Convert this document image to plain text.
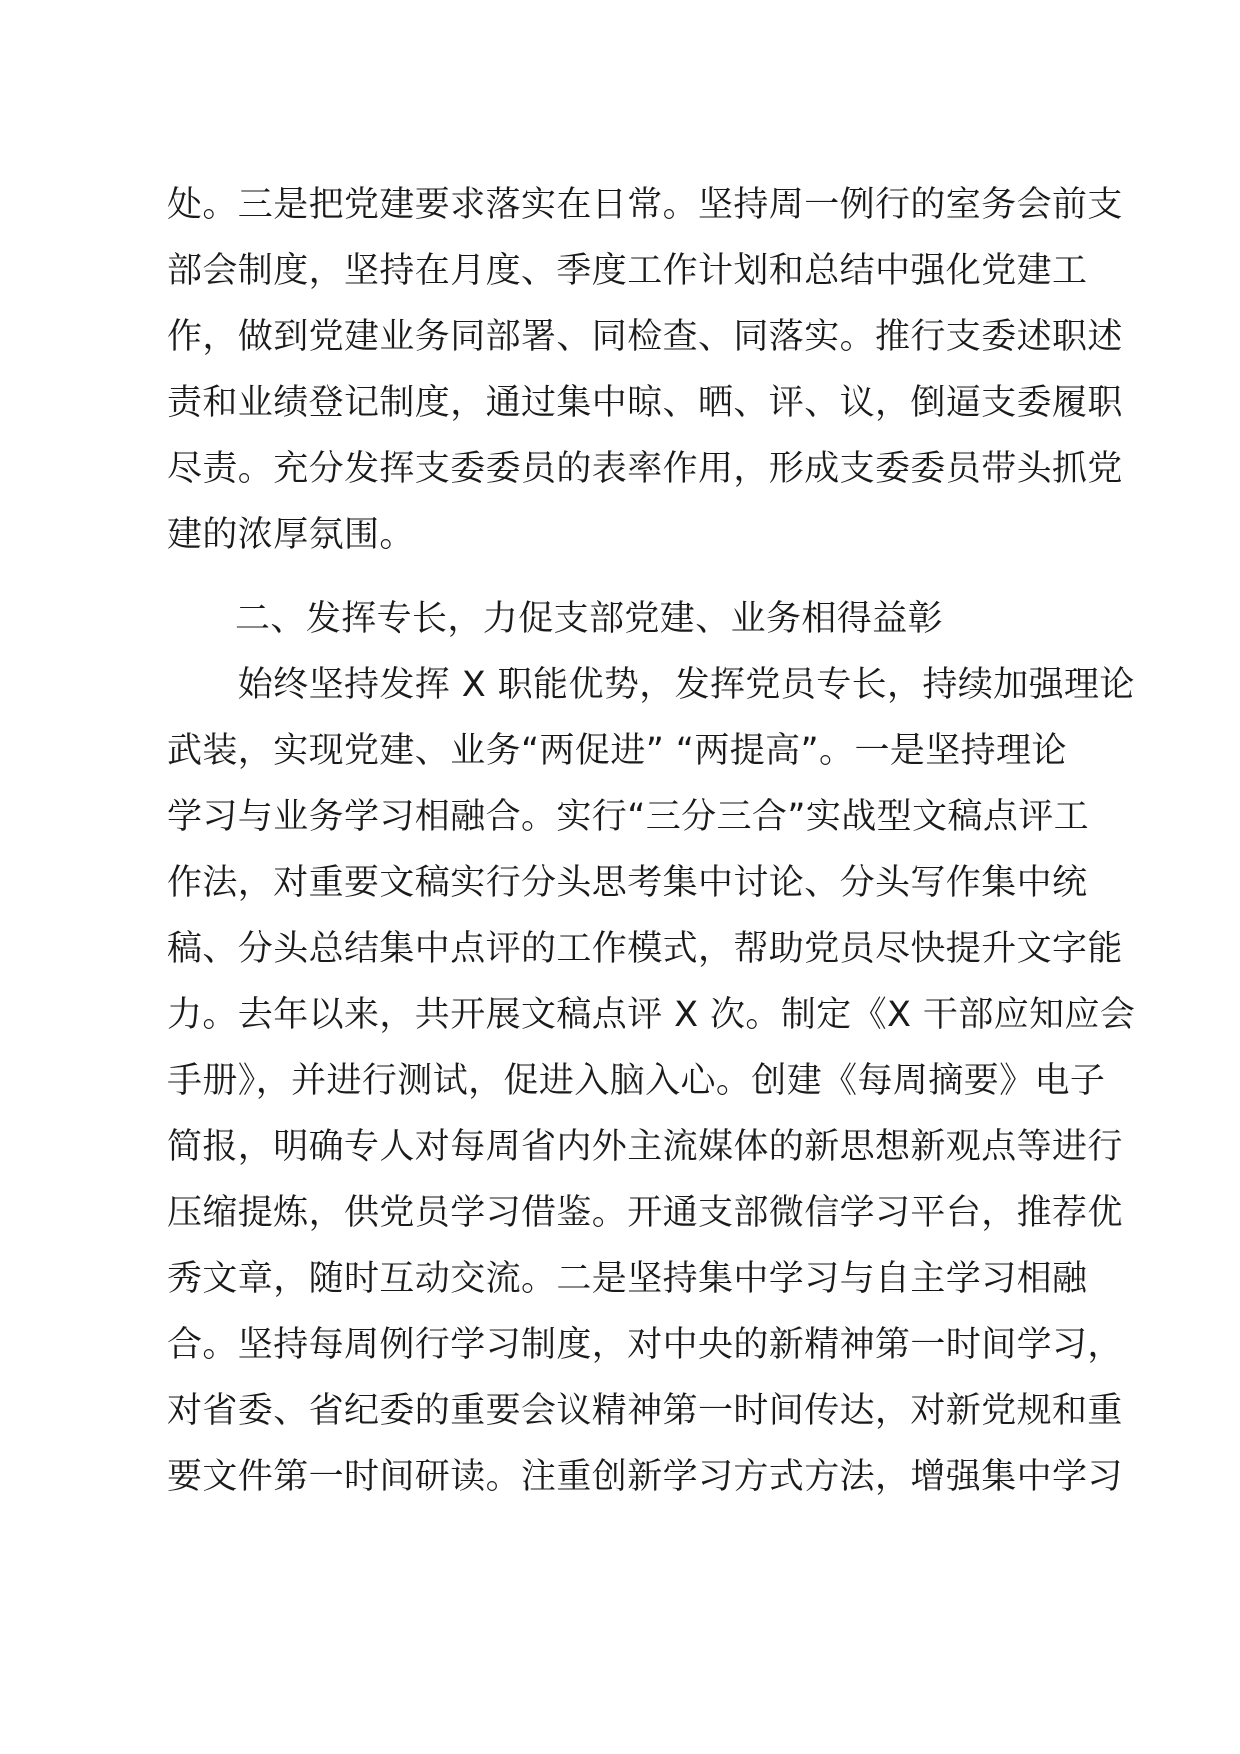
处。三是把党建要求落实在日常。坚持周一例行的室务会前支
部会制度，坚持在月度、季度工作计划和总结中强化党建工
作，做到党建业务同部署、同检查、同落实。推行支委述职述
责和业绩登记制度，通过集中晾、晒、评、议，倒逼支委履职
尽责。充分发挥支委委员的表率作用，形成支委委员带头抓党
建的浓厚氛围。
二、发挥专长，力促支部党建、业务相得益彰
　　始终坚持发挥 X 职能优势，发挥党员专长，持续加强理论
武装，实现党建、业务“两促进” “两提高”。一是坚持理论
学习与业务学习相融合。实行“三分三合”实战型文稿点评工
作法，对重要文稿实行分头思考集中讨论、分头写作集中统
稿、分头总结集中点评的工作模式，帮助党员尽快提升文字能
力。去年以来，共开展文稿点评 X 次。制定《X 干部应知应会
手册》，并进行测试，促进入脑入心。创建《每周摘要》电子
简报，明确专人对每周省内外主流媒体的新思想新观点等进行
压缩提炼，供党员学习借鉴。开通支部微信学习平台，推荐优
秀文章，随时互动交流。二是坚持集中学习与自主学习相融
合。坚持每周例行学习制度，对中央的新精神第一时间学习，
对省委、省纪委的重要会议精神第一时间传达，对新党规和重
要文件第一时间研读。注重创新学习方式方法，增强集中学习
